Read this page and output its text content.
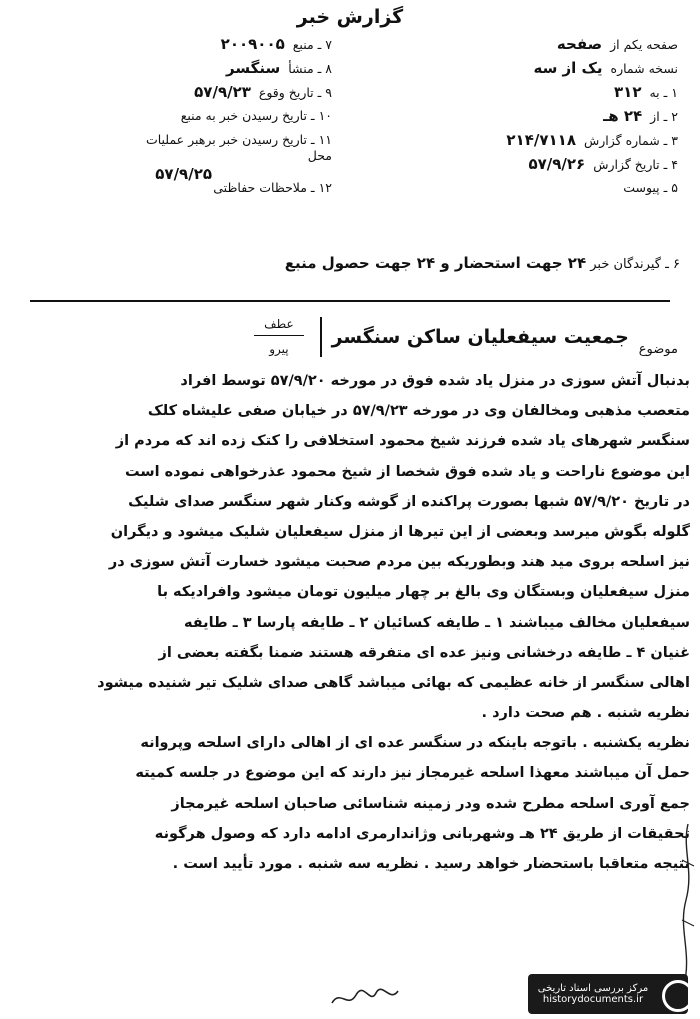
گزارش خبر
صفحه یکم از
صفحه
نسخه شماره
یک از سه
۱ ـ به
۳۱۲
۲ ـ از
۲۴ هـ
۳ ـ شماره گزارش
۲۱۴/۷۱۱۸
۴ ـ تاریخ گزارش
۵۷/۹/۲۶
۵ ـ پیوست
۷ ـ منبع
۲۰۰۹۰۰۵
۸ ـ منشأ
سنگسر
۹ ـ تاریخ وقوع
۵۷/۹/۲۳
۱۰ ـ تاریخ رسیدن خبر به منبع
۱۱ ـ تاریخ رسیدن خبر برهبر عملیات محل
۵۷/۹/۲۵
۱۲ ـ ملاحظات حفاظتی
۶ ـ گیرندگان خبر ۲۴ جهت استحضار و ۲۴ جهت حصول منبع
موضوع
جمعیت سیفعلیان ساکن سنگسر
عطف
پیرو
بدنبال آتش سوزی در منزل یاد شده فوق در مورخه ۵۷/۹/۲۰ توسط افراد
متعصب مذهبی ومخالفان وی در مورخه ۵۷/۹/۲۳ در خیابان صفی علیشاه کلک
سنگسر شهرهای یاد شده فرزند شیخ محمود استخلافی را کتک زده اند که مردم از
این موضوع ناراحت و یاد شده فوق شخصا از شیخ محمود عذرخواهی نموده است
در تاریخ ۵۷/۹/۲۰ شبها بصورت پراکنده از گوشه وکنار شهر سنگسر صدای شلیک
گلوله بگوش میرسد وبعضی از این تیرها از منزل سیفعلیان شلیک میشود و دیگران
نیز اسلحه بروی مید هند وبطوریکه بین مردم صحبت میشود خسارت آتش سوزی در
منزل سیفعلیان وبستگان وی بالغ بر چهار میلیون تومان میشود وافرادیکه با
سیفعلیان مخالف میباشند ۱ ـ طایفه کسائیان ۲ ـ طایفه پارسا ۳ ـ طایفه
غنیان ۴ ـ طایفه درخشانی ونیز عده ای متفرقه هستند ضمنا بگفته بعضی از
اهالی سنگسر از خانه عظیمی که بهائی میباشد گاهی صدای شلیک تیر شنیده میشود
نظریه شنبه . هم صحت دارد .
نظریه یکشنبه . باتوجه باینکه در سنگسر عده ای از اهالی دارای اسلحه وپروانه
حمل آن میباشند معهذا اسلحه غیرمجاز نیز دارند که این موضوع در جلسه کمیته
جمع آوری اسلحه مطرح شده ودر زمینه شناسائی صاحبان اسلحه غیرمجاز
تحقیقات از طریق ۲۴ هـ وشهربانی وژاندارمری ادامه دارد که وصول هرگونه
نتیجه متعاقبا باستحضار خواهد رسید . نظریه سه شنبه . مورد تأیید است .
مرکز بررسی اسناد تاریخی
historydocuments.ir
